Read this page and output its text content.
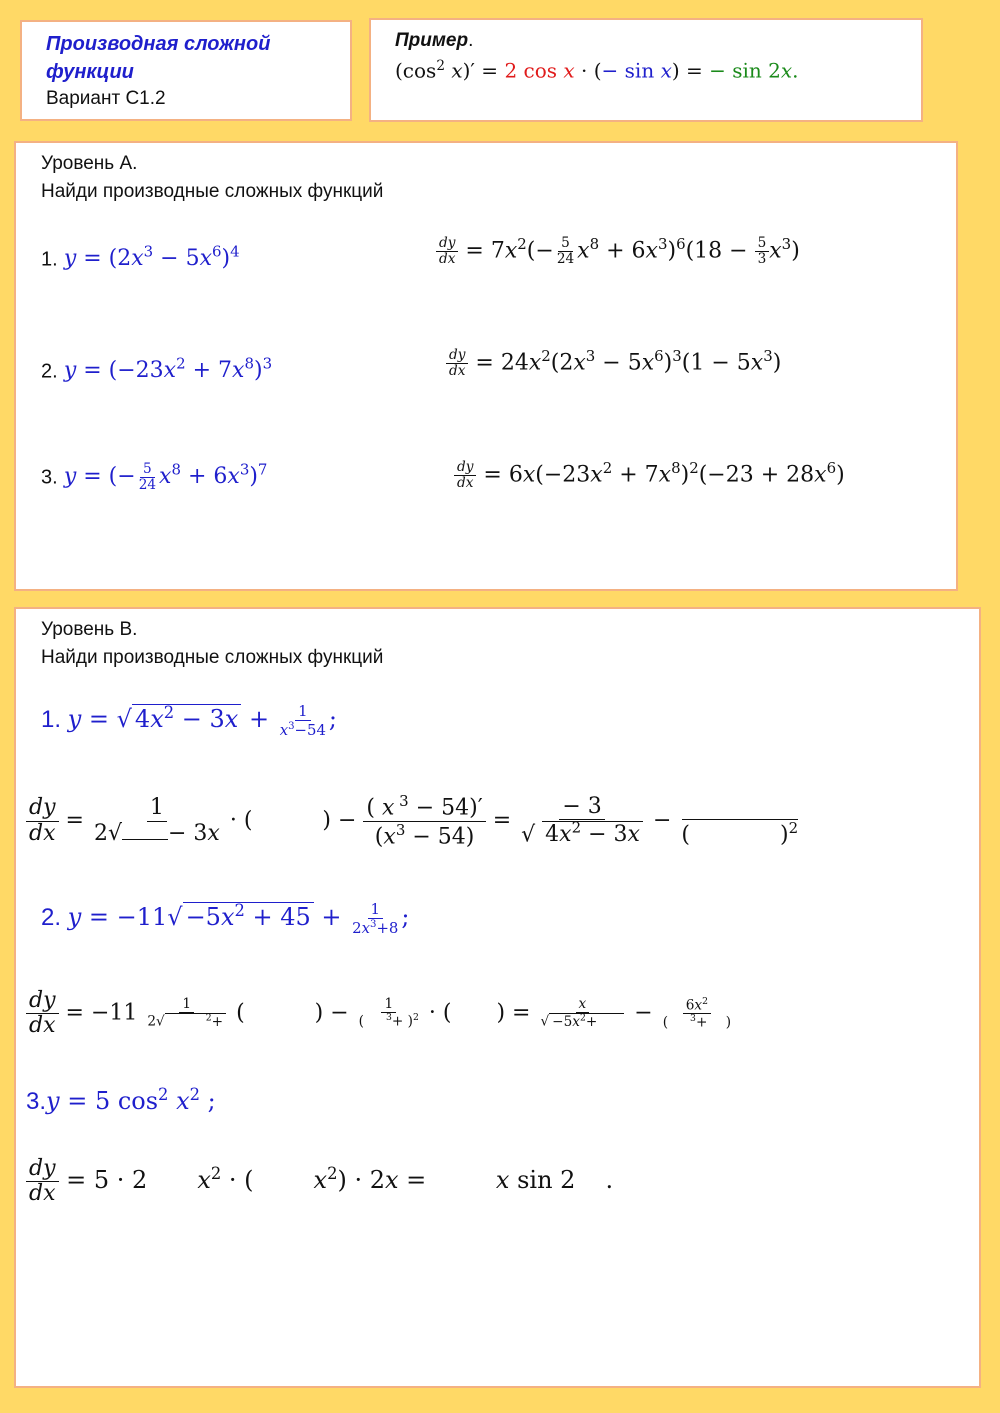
Производная сложной функции
Вариант С1.2
Пример.
($\cos^2$ x)′ = 2 cos x · (− sin x) = − sin 2x.
Уровень А.
Найди производные сложных функций
1. $y = (2x^3 - 5x^6)^4$	$\frac{dy}{dx} = 7x^2(- \frac{5}{24} x^8 + 6x^3)^6(18 - \frac{5}{3} x^3)$
2. $y = (-23x^2 + 7x^8)^3$	$\frac{dy}{dx} = 24x^2(2x^3 - 5x^6)^3(1 - 5x^3)$
3. y = (− $\frac{5}{24} x^8 + 6x^3)^7$	$\frac{dy}{dx} = 6x(-23x^2 + 7x^8)^2(-23 + 28x^6)$
Уровень В.
Найди производные сложных функций
1. y = √ $4x^2 - 3x + \frac{1}{x^3-54}$ ;
$\frac{dy}{dx} = \frac{1}{2√ - 3x}$ · (	) − $\frac{( x ^3 - 54)'}{(x^3 - 54)} = \frac{- 3}{√ 4x^2 - 3x}$ −
(	)$^2$
2. $y = -11√ -5x^2 + 45 + \frac{1}{2x^3+8}$ ;
$\frac{dy}{dx} = -11$ 1
2√	$^2$+ (	) − $\frac{1}{( ^3+ )^2}$ · ( ) = $\frac{x}{√ -5x^2+} - \frac{6x^2}{( ^3+ )}$
3.y = 5 $\cos^2 x^2$ ;
$\frac{dy}{dx} = 5 \cdot 2$ $x^2$ · (	$x^2) \cdot 2x$ =	x sin 2 .
